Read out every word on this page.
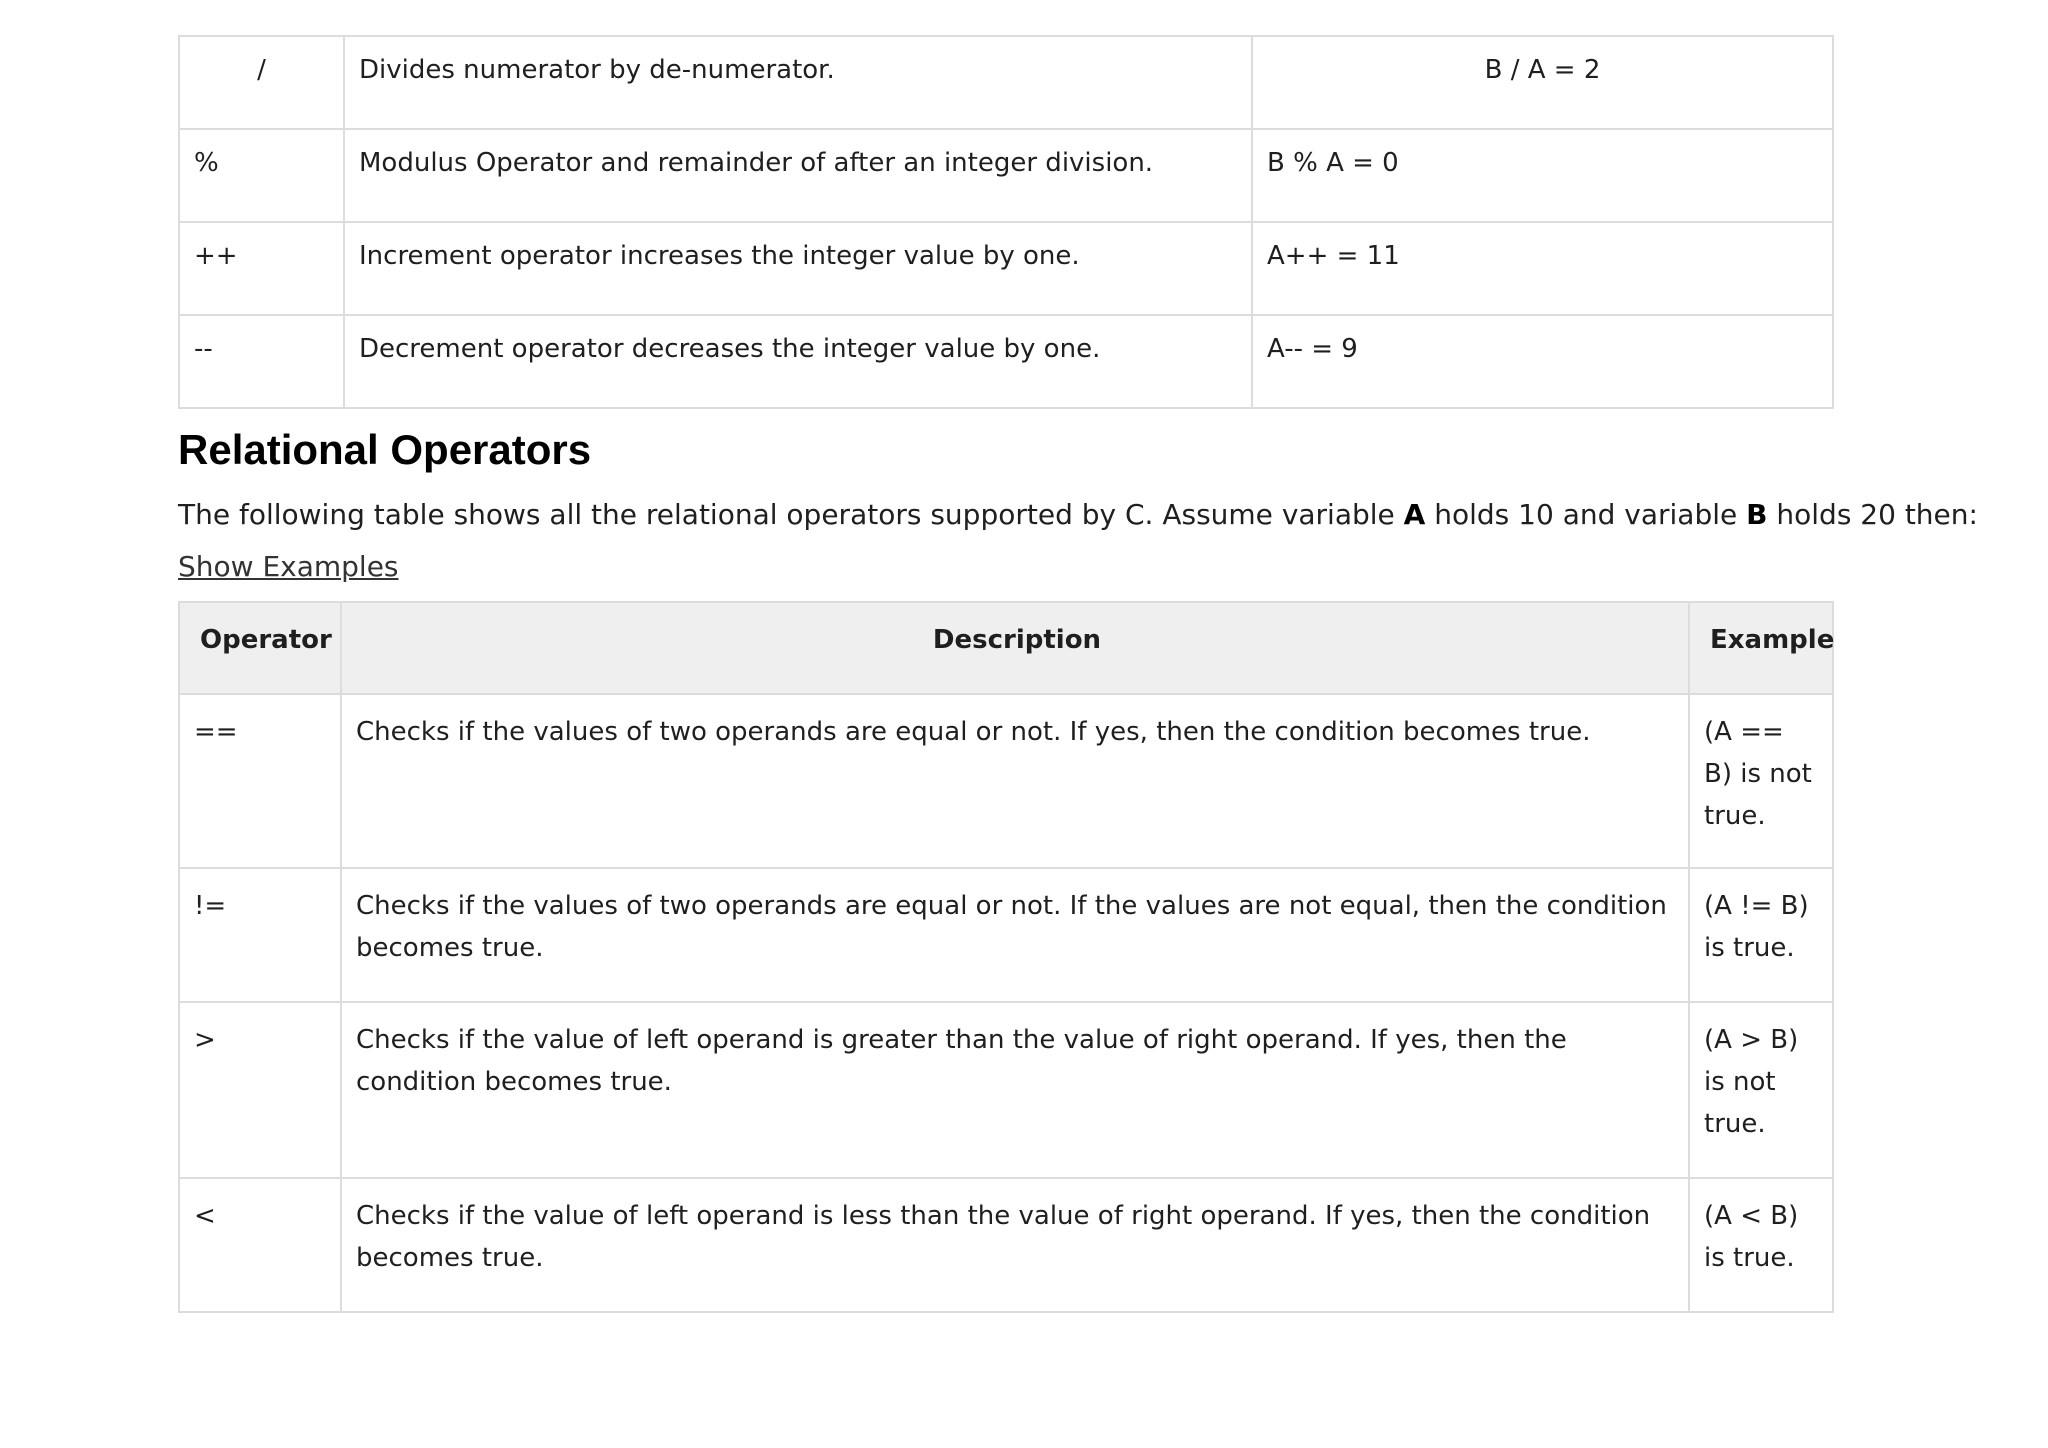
/	Divides numerator by de-numerator.	B / A = 2
%	Modulus Operator and remainder of after an integer division.	B % A = 0
++	Increment operator increases the integer value by one.	A++ = 11
--	Decrement operator decreases the integer value by one.	A-- = 9
Relational Operators

The following table shows all the relational operators supported by C. Assume variable A holds 10 and variable B holds 20 then:

Show Examples
Operator	Description	Example
==	Checks if the values of two operands are equal or not. If yes, then the condition becomes true.	(A == B) is not true.
!=	Checks if the values of two operands are equal or not. If the values are not equal, then the condition becomes true.	(A != B) is true.
>	Checks if the value of left operand is greater than the value of right operand. If yes, then the condition becomes true.	(A > B) is not true.
<	Checks if the value of left operand is less than the value of right operand. If yes, then the condition becomes true.	(A < B) is true.
